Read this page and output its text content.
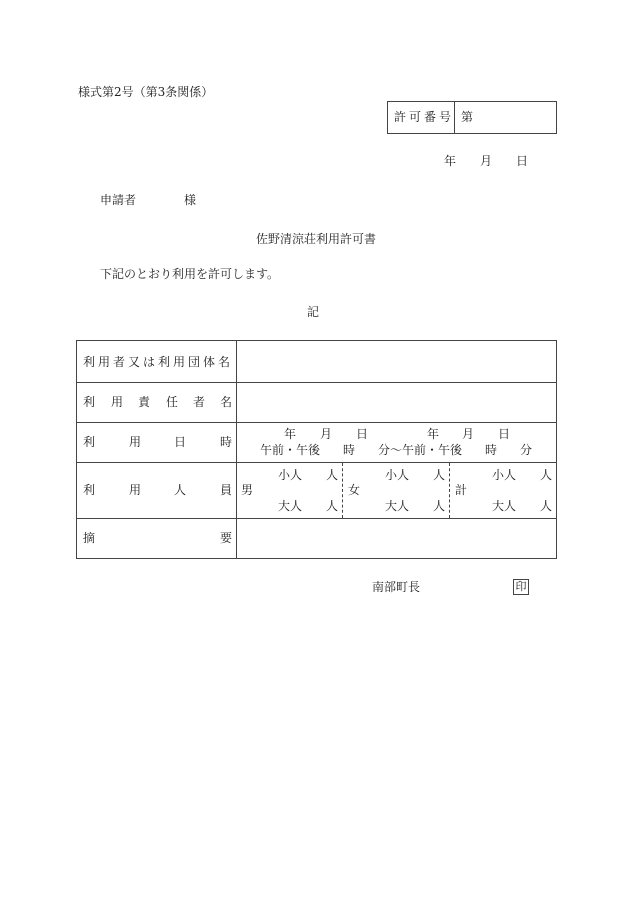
様式第2号（第3条関係）
許可番号 第
年 月 日
申請者	様
佐野清涼荘利用許可書
下記のとおり利用を許可します。
記
利用者又は利用団体名
利 用 責 任 者 名
利	用	日	時
年 月 日	年 月 日
午前・午後 時 分〜 午前・午後 時 分
利	用	人	員 男
小人 人
大人 人
女
小人 人
大人 人
計
小人 人
大人 人
摘	要
南部町長	印
